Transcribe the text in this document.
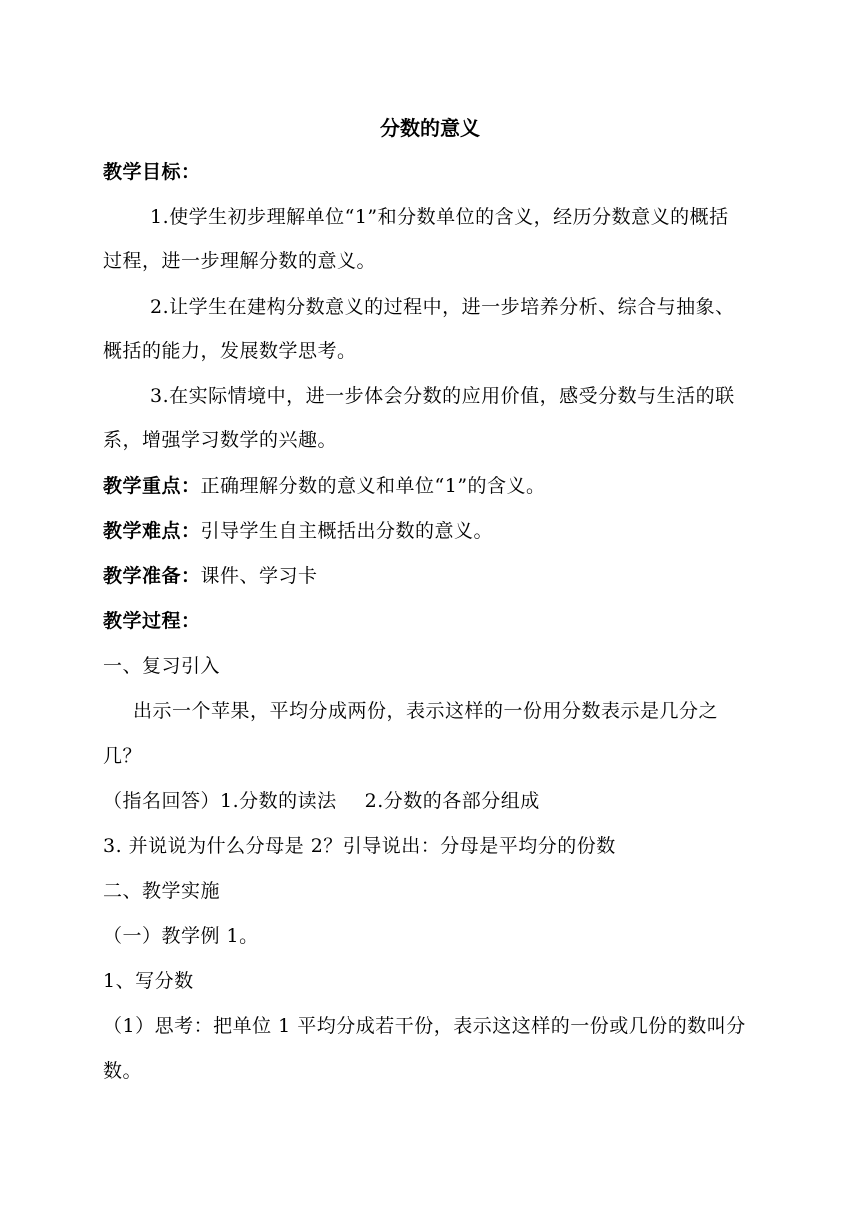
分数的意义
教学目标：
1.使学生初步理解单位“1”和分数单位的含义，经历分数意义的概括
过程，进一步理解分数的意义。
2.让学生在建构分数意义的过程中，进一步培养分析、综合与抽象、
概括的能力，发展数学思考。
3.在实际情境中，进一步体会分数的应用价值，感受分数与生活的联
系，增强学习数学的兴趣。
教学重点：正确理解分数的意义和单位“1”的含义。
教学难点：引导学生自主概括出分数的意义。
教学准备：课件、学习卡
教学过程：
一、复习引入
出示一个苹果，平均分成两份，表示这样的一份用分数表示是几分之
几？
（指名回答）1.分数的读法 2.分数的各部分组成
3. 并说说为什么分母是 2？引导说出：分母是平均分的份数
二、教学实施
（一）教学例 1。
1、写分数
（1）思考：把单位 1 平均分成若干份，表示这这样的一份或几份的数叫分
数。
